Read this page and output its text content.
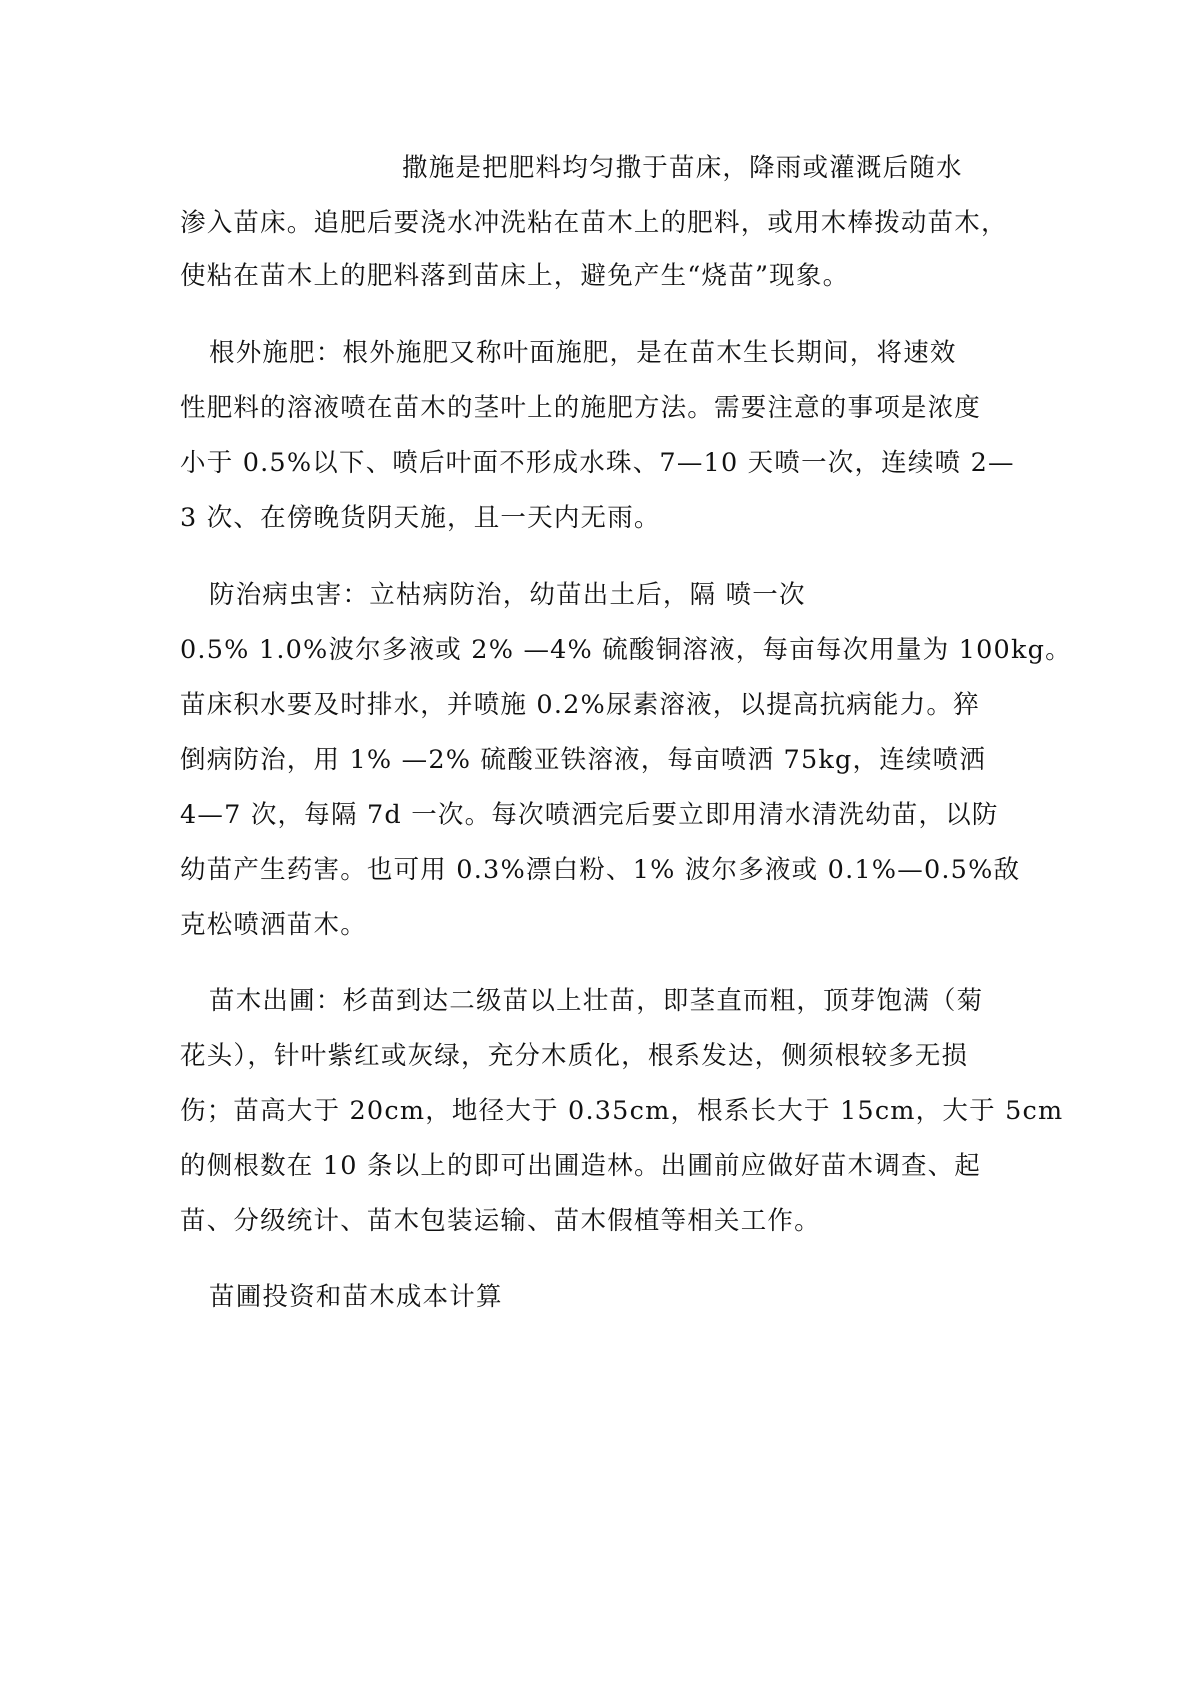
撒施是把肥料均匀撒于苗床，降雨或灌溉后随水
渗入苗床。追肥后要浇水冲洗粘在苗木上的肥料，或用木棒拨动苗木，
使粘在苗木上的肥料落到苗床上，避免产生“烧苗”现象。
根外施肥：根外施肥又称叶面施肥，是在苗木生长期间，将速效
性肥料的溶液喷在苗木的茎叶上的施肥方法。需要注意的事项是浓度
小于 0.5%以下、喷后叶面不形成水珠、7—10 天喷一次，连续喷 2—
3 次、在傍晚货阴天施，且一天内无雨。
防治病虫害：立枯病防治，幼苗出土后，隔 喷一次
0.5% 1.0%波尔多液或 2% —4% 硫酸铜溶液，每亩每次用量为 100kg。
苗床积水要及时排水，并喷施 0.2%尿素溶液，以提高抗病能力。猝
倒病防治，用 1% —2% 硫酸亚铁溶液，每亩喷洒 75kg，连续喷洒
4—7 次，每隔 7d 一次。每次喷洒完后要立即用清水清洗幼苗，以防
幼苗产生药害。也可用 0.3%漂白粉、1% 波尔多液或 0.1%—0.5%敌
克松喷洒苗木。
苗木出圃：杉苗到达二级苗以上壮苗，即茎直而粗，顶芽饱满（菊
花头），针叶紫红或灰绿，充分木质化，根系发达，侧须根较多无损
伤；苗高大于 20cm，地径大于 0.35cm，根系长大于 15cm，大于 5cm
的侧根数在 10 条以上的即可出圃造林。出圃前应做好苗木调查、起
苗、分级统计、苗木包装运输、苗木假植等相关工作。
苗圃投资和苗木成本计算
